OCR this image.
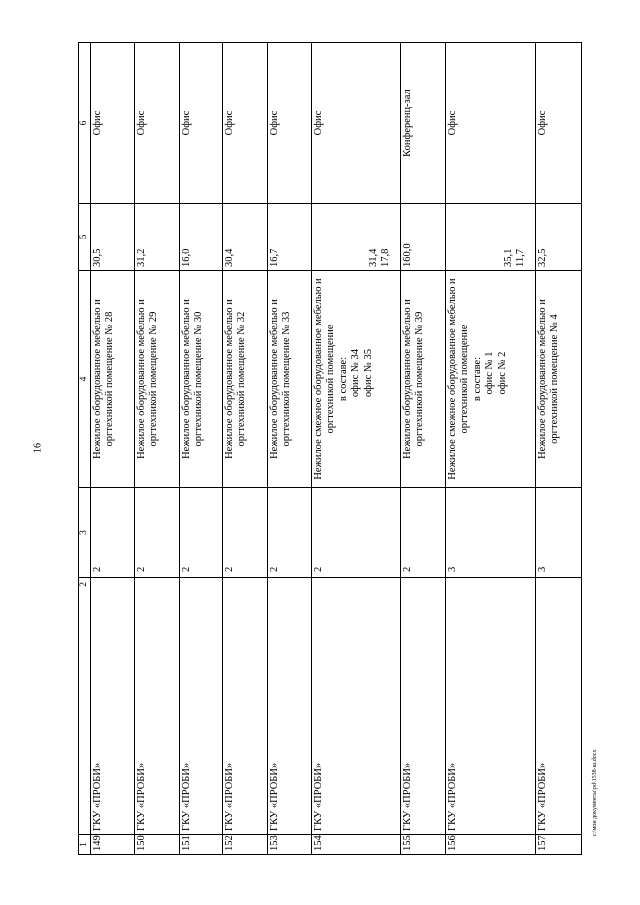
16
c:\мои документы\рd\1538-ш.docx
1	2	3	4	5	6
149	ГКУ «ПРОБИ»	2	Нежилое оборудованное мебелью и оргтехникой помещение № 28	30,5	Офис
150	ГКУ «ПРОБИ»	2	Нежилое оборудованное мебелью и оргтехникой помещение № 29	31,2	Офис
151	ГКУ «ПРОБИ»	2	Нежилое оборудованное мебелью и оргтехникой помещение № 30	16,0	Офис
152	ГКУ «ПРОБИ»	2	Нежилое оборудованное мебелью и оргтехникой помещение № 32	30,4	Офис
153	ГКУ «ПРОБИ»	2	Нежилое оборудованное мебелью и оргтехникой помещение № 33	16,7	Офис
154	ГКУ «ПРОБИ»	2	Нежилое смежное оборудованное мебелью и оргтехникой помещение в составе: офис № 34 офис № 35	31,4 17,8	Офис
155	ГКУ «ПРОБИ»	2	Нежилое оборудованное мебелью и оргтехникой помещение № 39	160,0	Конференц-зал
156	ГКУ «ПРОБИ»	3	Нежилое смежное оборудованное мебелью и оргтехникой помещение в составе: офис № 1 офис № 2	35,1 11,7	Офис
157	ГКУ «ПРОБИ»	3	Нежилое оборудованное мебелью и оргтехникой помещение № 4	32,5	Офис
